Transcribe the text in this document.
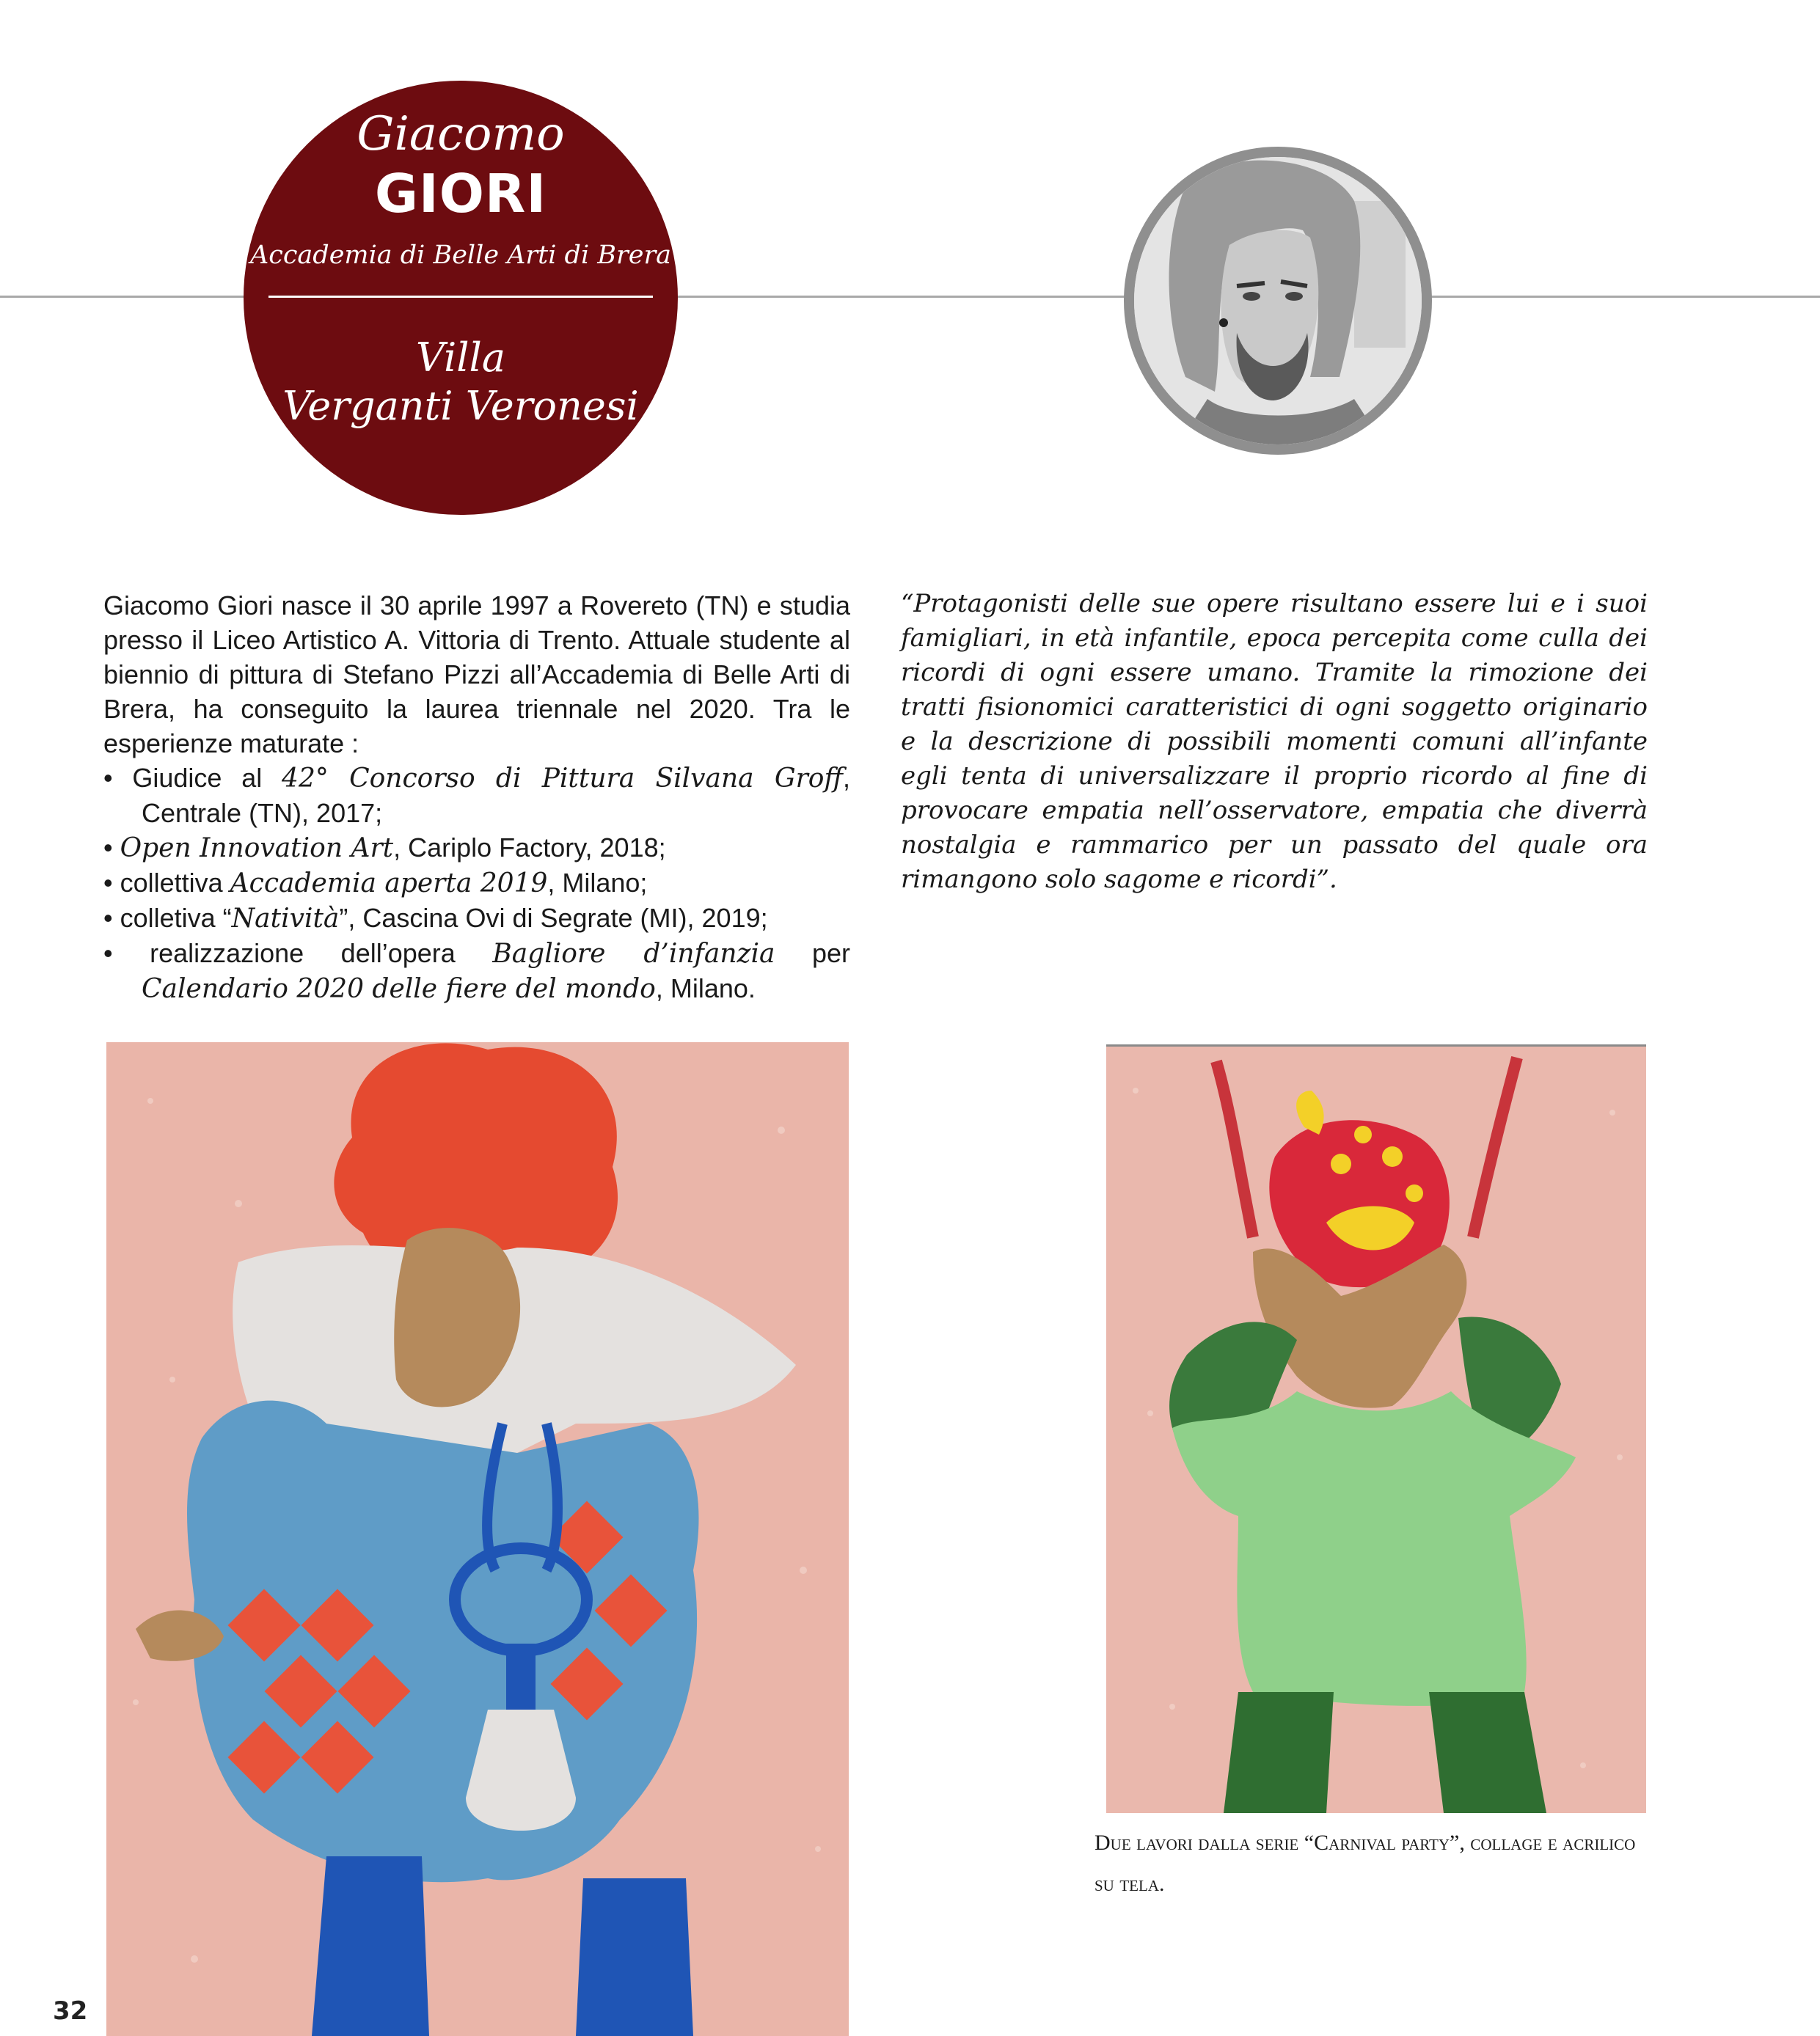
Giacomo
GIORI
Accademia di Belle Arti di Brera
Villa
Verganti Veronesi

Giacomo Giori nasce il 30 aprile 1997 a Rovereto (TN) e studia presso il Liceo Artistico A. Vittoria di Trento. Attuale studente al biennio di pittura di Stefano Pizzi all’Accademia di Belle Arti di Brera, ha conseguito la laurea triennale nel 2020. Tra le esperienze maturate :

• Giudice al 42° Concorso di Pittura Silvana Groff, Centrale (TN), 2017;

• Open Innovation Art, Cariplo Factory, 2018;

• collettiva Accademia aperta 2019, Milano;

• colletiva “Natività”, Cascina Ovi di Segrate (MI), 2019;

• realizzazione dell’opera Bagliore d’infanzia per Calendario 2020 delle fiere del mondo, Milano.

“Protagonisti delle sue opere risultano essere lui e i suoi famigliari, in età infantile, epoca percepita come culla dei ricordi di ogni essere umano. Tramite la rimozione dei tratti fisionomici caratteristici di ogni soggetto originario e la descrizione di possibili momenti comuni all’infante egli tenta di universalizzare il proprio ricordo al fine di provocare empatia nell’osservatore, empatia che diverrà nostalgia e rammarico per un passato del quale ora rimangono solo sagome e ricordi”.

Due lavori dalla serie “Carnival party”, collage e acrilico su tela.

32
